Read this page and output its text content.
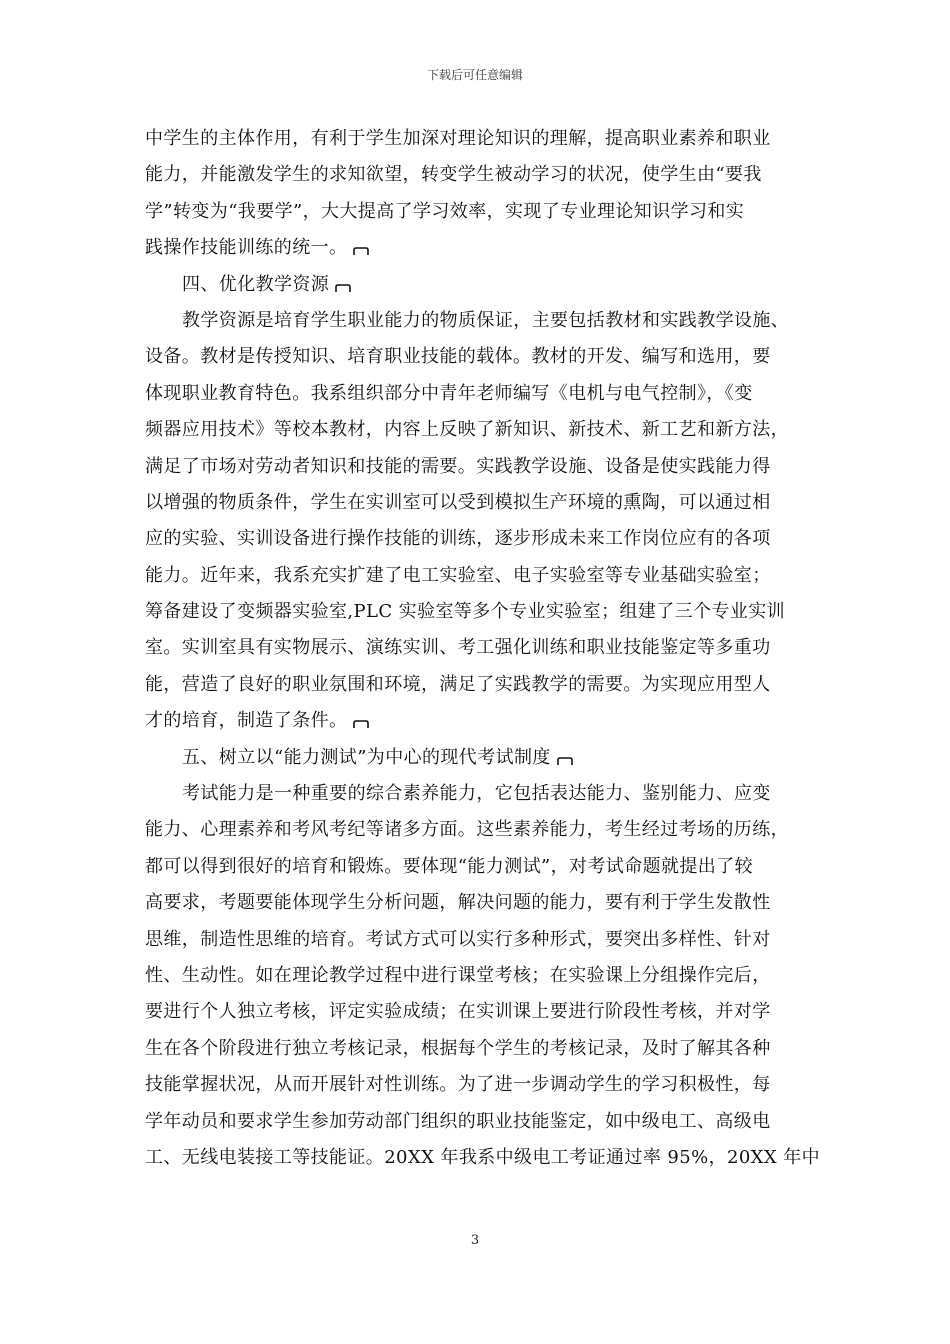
下载后可任意编辑
中学生的主体作用，有利于学生加深对理论知识的理解，提高职业素养和职业
能力，并能激发学生的求知欲望，转变学生被动学习的状况，使学生由“要我
学”转变为“我要学”，大大提高了学习效率，实现了专业理论知识学习和实
践操作技能训练的统一。
四、优化教学资源
教学资源是培育学生职业能力的物质保证，主要包括教材和实践教学设施、
设备。教材是传授知识、培育职业技能的载体。教材的开发、编写和选用，要
体现职业教育特色。我系组织部分中青年老师编写《电机与电气控制》，《变
频器应用技术》等校本教材，内容上反映了新知识、新技术、新工艺和新方法，
满足了市场对劳动者知识和技能的需要。实践教学设施、设备是使实践能力得
以增强的物质条件，学生在实训室可以受到模拟生产环境的熏陶，可以通过相
应的实验、实训设备进行操作技能的训练，逐步形成未来工作岗位应有的各项
能力。近年来，我系充实扩建了电工实验室、电子实验室等专业基础实验室；
筹备建设了变频器实验室,PLC 实验室等多个专业实验室；组建了三个专业实训
室。实训室具有实物展示、演练实训、考工强化训练和职业技能鉴定等多重功
能，营造了良好的职业氛围和环境，满足了实践教学的需要。为实现应用型人
才的培育，制造了条件。
五、树立以“能力测试”为中心的现代考试制度
考试能力是一种重要的综合素养能力，它包括表达能力、鉴别能力、应变
能力、心理素养和考风考纪等诸多方面。这些素养能力，考生经过考场的历练，
都可以得到很好的培育和锻炼。要体现“能力测试”，对考试命题就提出了较
高要求，考题要能体现学生分析问题，解决问题的能力，要有利于学生发散性
思维，制造性思维的培育。考试方式可以实行多种形式，要突出多样性、针对
性、生动性。如在理论教学过程中进行课堂考核；在实验课上分组操作完后，
要进行个人独立考核，评定实验成绩；在实训课上要进行阶段性考核，并对学
生在各个阶段进行独立考核记录，根据每个学生的考核记录，及时了解其各种
技能掌握状况，从而开展针对性训练。为了进一步调动学生的学习积极性，每
学年动员和要求学生参加劳动部门组织的职业技能鉴定，如中级电工、高级电
工、无线电装接工等技能证。20XX 年我系中级电工考证通过率 95%，20XX 年中
3
